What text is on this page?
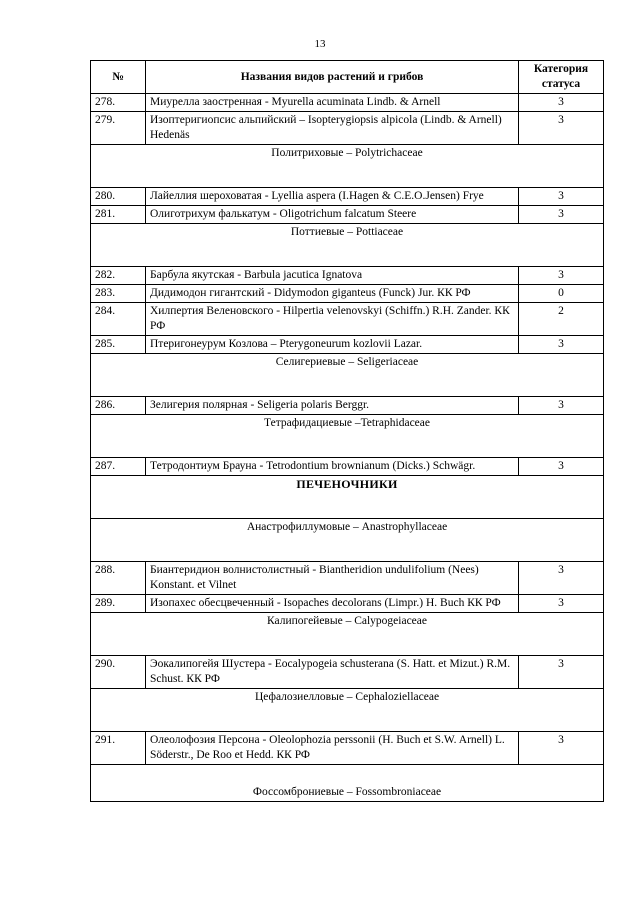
13
№	Названия видов растений и грибов	Категория
статуса
278.	Миурелла заостренная - Myurella acuminata Lindb. & Arnell	3
279.	Изоптеригиопсис альпийский – Isopterygiopsis alpicola (Lindb. & Arnell) Hedenäs	3
Политриховые – Polytrichaceae		
280.	Лайеллия шероховатая - Lyellia aspera (I.Hagen & C.E.O.Jensen) Frye	3
281.	Олиготрихум фалькатум - Oligotrichum falcatum Steere	3
Поттиевые – Pottiaceae		
282.	Барбула якутская - Barbula jacutica Ignatova	3
283.	Дидимодон гигантский - Didymodon giganteus (Funck) Jur. КК РФ	0
284.	Хилпертия Веленовского - Hilpertia velenovskyi (Schiffn.) R.H. Zander. КК РФ	2
285.	Птеригонеурум Козлова – Pterygoneurum kozlovii Lazar.	3
Селигериевые – Seligeriaceae		
286.	Зелигерия полярная - Seligeria polaris Berggr.	3
Тетрафидациевые –Tetraphidaceae		
287.	Тетродонтиум Брауна - Tetrodontium brownianum (Dicks.) Schwägr.	3
ПЕЧЕНОЧНИКИ		
Анастрофиллумовые – Anastrophyllaceae		
288.	Биантеридион волнистолистный - Biantheridion undulifolium (Nees) Konstant. et Vilnet	3
289.	Изопахес обесцвеченный - Isopaches decolorans (Limpr.) H. Buch КК РФ	3
Калипогейевые – Calypogeiaceae		
290.	Эокалипогейя Шустера - Eocalypogeia schusterana (S. Hatt. et Mizut.) R.M. Schust. КК РФ	3
Цефалозиелловые – Cephaloziellaceae		
291.	Олеолофозия Персона - Oleolophozia perssonii (H. Buch et S.W. Arnell) L. Söderstr., De Roo et Hedd. КК РФ	3
Фоссомброниевые – Fossombroniaceae		
